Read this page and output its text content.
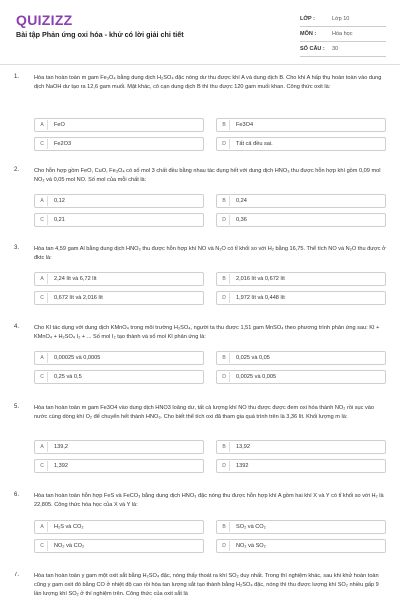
QUIZIZZ
Bài tập Phản ứng oxi hóa - khử có lời giải chi tiết
LỚP :	Lớp 10
MÔN :	Hóa học
SỐ CÂU :	30
1.	Hòa tan hoàn toàn m gam Fe₃O₄ bằng dung dịch H₂SO₄ đặc nóng dư thu được khí A và dung dịch B. Cho khí A hấp thụ hoàn toàn vào dung dịch NaOH dư tạo ra 12,6 gam muối. Mặt khác, cô cạn dung dịch B thì thu được 120 gam muối khan. Công thức oxit là:
A	FeO	B	Fe3O4
C	Fe2O3	D	Tất cả đều sai.
2.	Cho hỗn hợp gồm FeO, CuO, Fe₃O₄ có số mol 3 chất đều bằng nhau tác dụng hết với dung dịch HNO₃ thu được hỗn hợp khí gồm 0,09 mol NO₂ và 0,05 mol NO. Số mol của mỗi chất là:
A	0,12	B	0,24
C	0,21	D	0,36
3.	Hòa tan 4,59 gam Al bằng dung dịch HNO₃ thu được hỗn hợp khí NO và N₂O có tỉ khối so với H₂ bằng 16,75. Thể tích NO và N₂O thu được ở đktc là:
A	2,24 lít và 6,72 lít	B	2,016 lít và 0,672 lít
C	0,672 lít và 2,016 lít	D	1,972 lít và 0,448 lít
4.	Cho KI tác dụng với dung dịch KMnO₄ trong môi trường H₂SO₄, người ta thu được 1,51 gam MnSO₄ theo phương trình phản ứng sau: KI + KMnO₄ + H₂SO₄ I₂ + ... Số mol I₂ tạo thành và số mol KI phản ứng là:
A	0,00025 và 0,0005	B	0,025 và 0,05
C	0,25 và 0,5	D	0,0025 và 0,005
5.	Hòa tan hoàn toàn m gam Fe3O4 vào dung dịch HNO3 loãng dư, tất cả lượng khí NO thu được được đem oxi hóa thành NO₂ rồi sục vào nước cùng dòng khí O₂ để chuyển hết thành HNO₃. Cho biết thể tích oxi đã tham gia quá trình trên là 3,36 lít. Khối lượng m là:
A	139,2	B	13,92
C	1,392	D	1392
6.	Hòa tan hoàn toàn hỗn hợp FeS và FeCO₃ bằng dung dịch HNO₃ đặc nóng thu được hỗn hợp khí A gồm hai khí X và Y có tỉ khối so với H₂ là 22,805. Công thức hóa học của X và Y là:
A	H₂S và CO₂	B	SO₂ và CO₂
C	NO₂ và CO₂	D	NO₂ và SO₂
7.	Hòa tan hoàn toàn y gam một oxit sắt bằng H₂SO₄ đặc, nóng thấy thoát ra khí SO₂ duy nhất. Trong thí nghiệm khác, sau khi khử hoàn toàn cũng y gam oxit đó bằng CO ở nhiệt độ cao rồi hòa tan lượng sắt tạo thành bằng H₂SO₄ đặc, nóng thì thu được lượng khí SO₂ nhiều gấp 9 lần lượng khí SO₂ ở thí nghiệm trên. Công thức của oxit sắt là
